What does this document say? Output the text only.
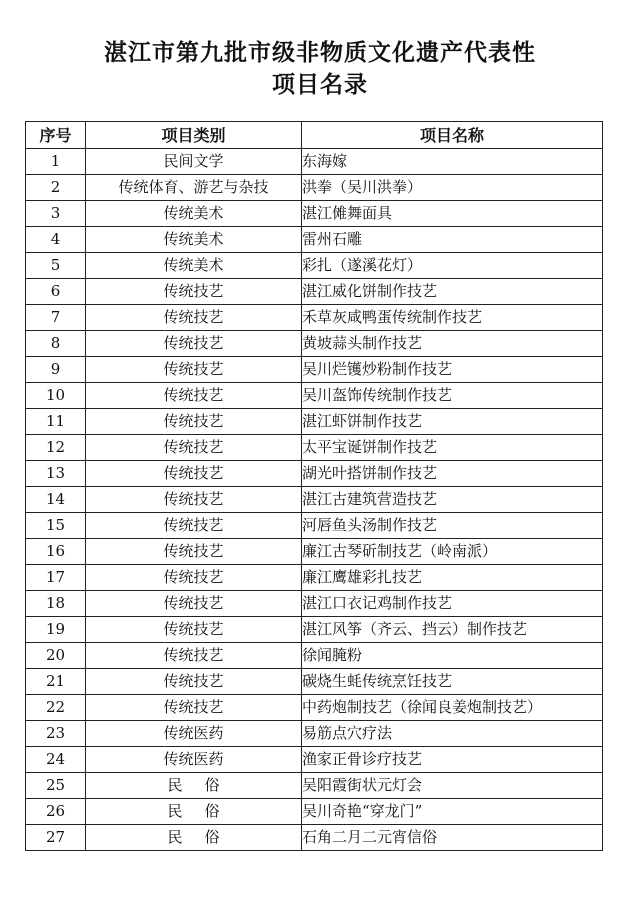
湛江市第九批市级非物质文化遗产代表性
项目名录
序号	项目类别	项目名称
1	民间文学	东海嫁
2	传统体育、游艺与杂技	洪拳（吴川洪拳）
3	传统美术	湛江傩舞面具
4	传统美术	雷州石雕
5	传统美术	彩扎（遂溪花灯）
6	传统技艺	湛江威化饼制作技艺
7	传统技艺	禾草灰咸鸭蛋传统制作技艺
8	传统技艺	黄坡蒜头制作技艺
9	传统技艺	吴川烂镬炒粉制作技艺
10	传统技艺	吴川盔饰传统制作技艺
11	传统技艺	湛江虾饼制作技艺
12	传统技艺	太平宝诞饼制作技艺
13	传统技艺	湖光叶搭饼制作技艺
14	传统技艺	湛江古建筑营造技艺
15	传统技艺	河唇鱼头汤制作技艺
16	传统技艺	廉江古琴斫制技艺（岭南派）
17	传统技艺	廉江鹰雄彩扎技艺
18	传统技艺	湛江口衣记鸡制作技艺
19	传统技艺	湛江风筝（齐云、挡云）制作技艺
20	传统技艺	徐闻腌粉
21	传统技艺	碳烧生蚝传统烹饪技艺
22	传统技艺	中药炮制技艺（徐闻良姜炮制技艺）
23	传统医药	易筋点穴疗法
24	传统医药	渔家正骨诊疗技艺
25	民俗	吴阳霞街状元灯会
26	民俗	吴川奇艳“穿龙门”
27	民俗	石角二月二元宵信俗
